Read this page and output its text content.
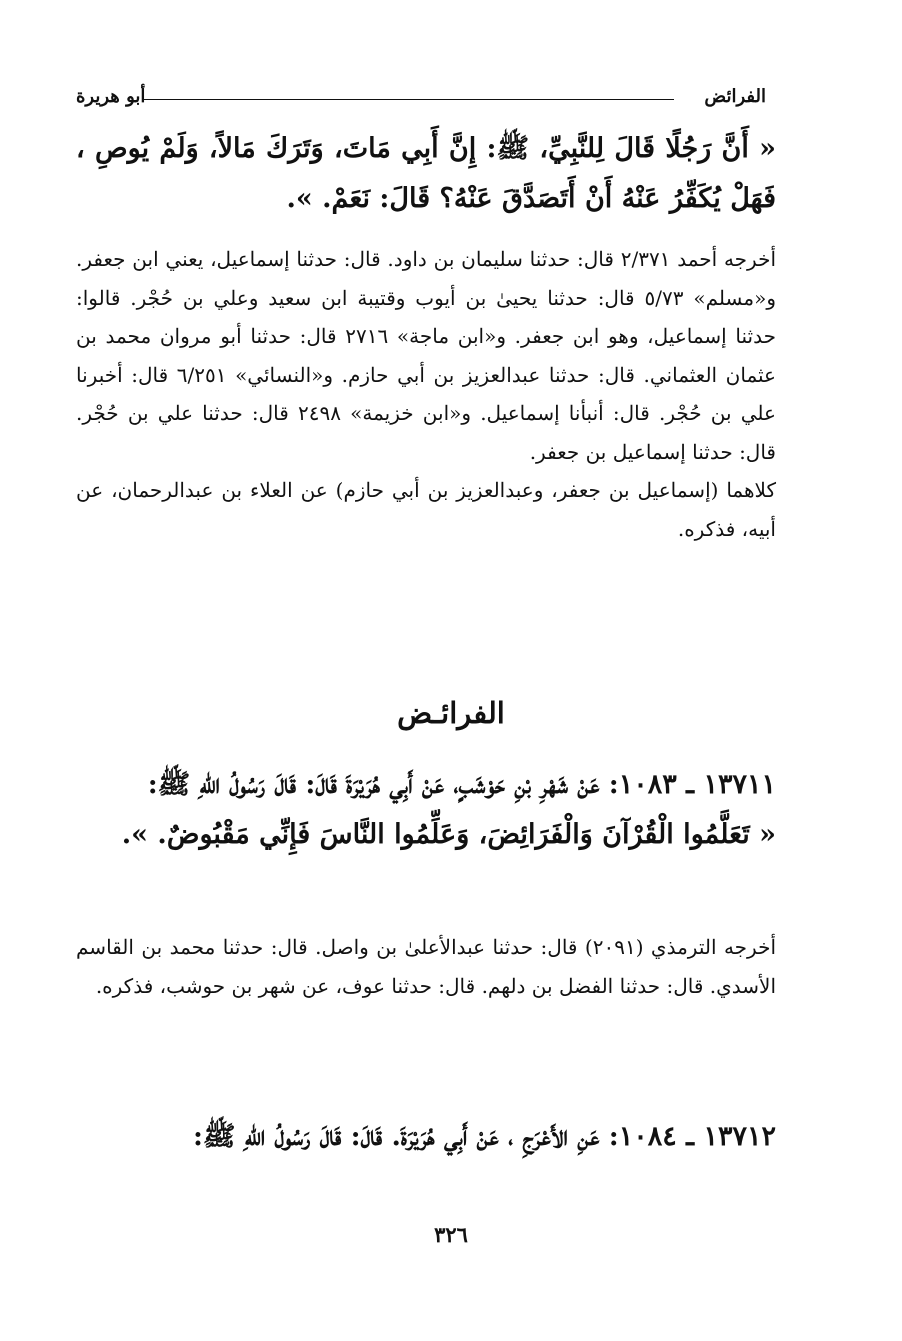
الفرائض
أبو هريرة

« أَنَّ رَجُلًا قَالَ لِلنَّبِيِّ، ﷺ: إِنَّ أَبِي مَاتَ، وَتَرَكَ مَالاً، وَلَمْ يُوصِ ، فَهَلْ يُكَفِّرُ عَنْهُ أَنْ أَتَصَدَّقَ عَنْهُ؟ قَالَ: نَعَمْ. ».

أخرجه أحمد ٢/٣٧١ قال: حدثنا سليمان بن داود. قال: حدثنا إسماعيل، يعني ابن جعفر. و«مسلم» ٥/٧٣ قال: حدثنا يحيىٰ بن أيوب وقتيبة ابن سعيد وعلي بن حُجْر. قالوا: حدثنا إسماعيل، وهو ابن جعفر. و«ابن ماجة» ٢٧١٦ قال: حدثنا أبو مروان محمد بن عثمان العثماني. قال: حدثنا عبدالعزيز بن أبي حازم. و«النسائي» ٦/٢٥١ قال: أخبرنا علي بن حُجْر. قال: أنبأنا إسماعيل. و«ابن خزيمة» ٢٤٩٨ قال: حدثنا علي بن حُجْر. قال: حدثنا إسماعيل بن جعفر.

كلاهما (إسماعيل بن جعفر، وعبدالعزيز بن أبي حازم) عن العلاء بن عبدالرحمان، عن أبيه، فذكره.

الفرائـض

١٣٧١١ ـ ١٠٨٣: عَنْ شَهْرِ بْنِ حَوْشَبٍ، عَنْ أَبِي هُرَيْرَةَ قَالَ: قَالَ رَسُولُ اللهِ ﷺ:

« تَعَلَّمُوا الْقُرْآنَ وَالْفَرَائِضَ، وَعَلِّمُوا النَّاسَ فَإِنِّي مَقْبُوضٌ. ».

أخرجه الترمذي (٢٠٩١) قال: حدثنا عبدالأعلىٰ بن واصل. قال: حدثنا محمد بن القاسم الأسدي. قال: حدثنا الفضل بن دلهم. قال: حدثنا عوف، عن شهر بن حوشب، فذكره.

١٣٧١٢ ـ ١٠٨٤: عَنِ الأَعْرَجِ ، عَنْ أَبِي هُرَيْرَةَ. قَالَ: قَالَ رَسُولُ اللهِ ﷺ:

٣٢٦
